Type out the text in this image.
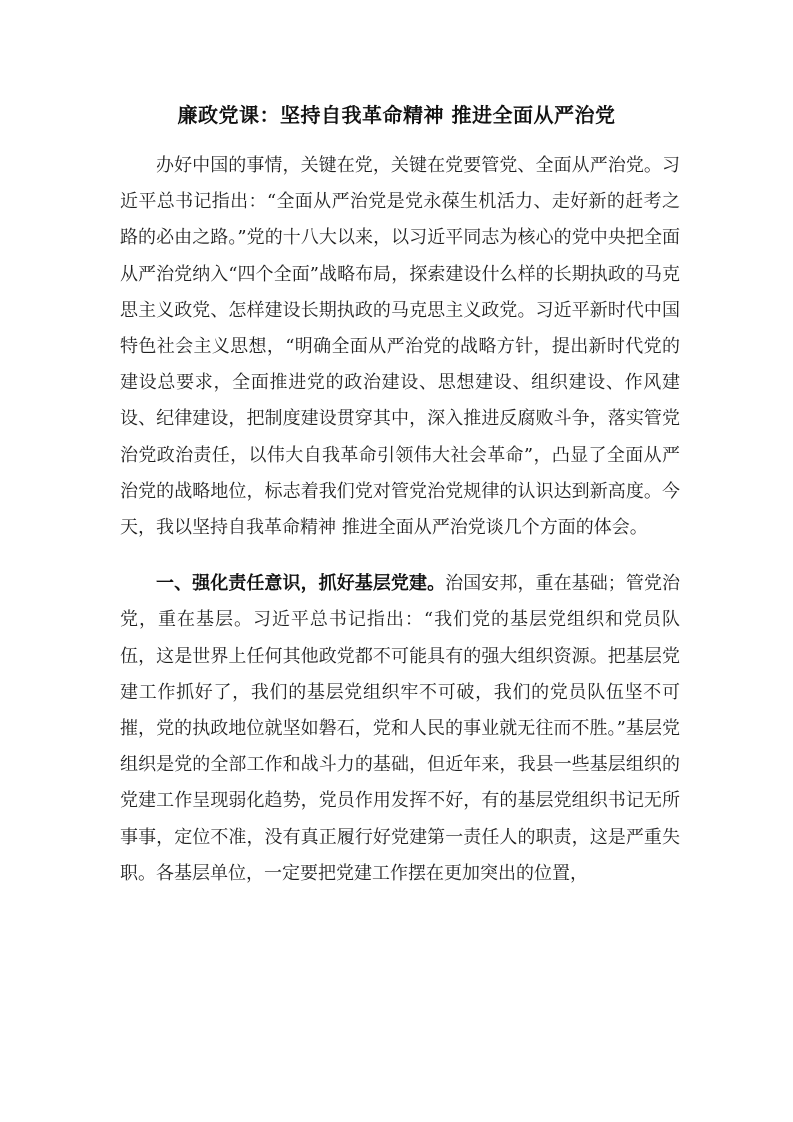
廉政党课：坚持自我革命精神 推进全面从严治党

办好中国的事情，关键在党，关键在党要管党、全面从严治党。习近平总书记指出：“全面从严治党是党永葆生机活力、走好新的赶考之路的必由之路。”党的十八大以来，以习近平同志为核心的党中央把全面从严治党纳入“四个全面”战略布局，探索建设什么样的长期执政的马克思主义政党、怎样建设长期执政的马克思主义政党。习近平新时代中国特色社会主义思想，“明确全面从严治党的战略方针，提出新时代党的建设总要求，全面推进党的政治建设、思想建设、组织建设、作风建设、纪律建设，把制度建设贯穿其中，深入推进反腐败斗争，落实管党治党政治责任，以伟大自我革命引领伟大社会革命”，凸显了全面从严治党的战略地位，标志着我们党对管党治党规律的认识达到新高度。今天，我以坚持自我革命精神 推进全面从严治党谈几个方面的体会。

一、强化责任意识，抓好基层党建。治国安邦，重在基础；管党治党，重在基层。习近平总书记指出：“我们党的基层党组织和党员队伍，这是世界上任何其他政党都不可能具有的强大组织资源。把基层党建工作抓好了，我们的基层党组织牢不可破，我们的党员队伍坚不可摧，党的执政地位就坚如磐石，党和人民的事业就无往而不胜。”基层党组织是党的全部工作和战斗力的基础，但近年来，我县一些基层组织的党建工作呈现弱化趋势，党员作用发挥不好，有的基层党组织书记无所事事，定位不准，没有真正履行好党建第一责任人的职责，这是严重失职。各基层单位，一定要把党建工作摆在更加突出的位置，
